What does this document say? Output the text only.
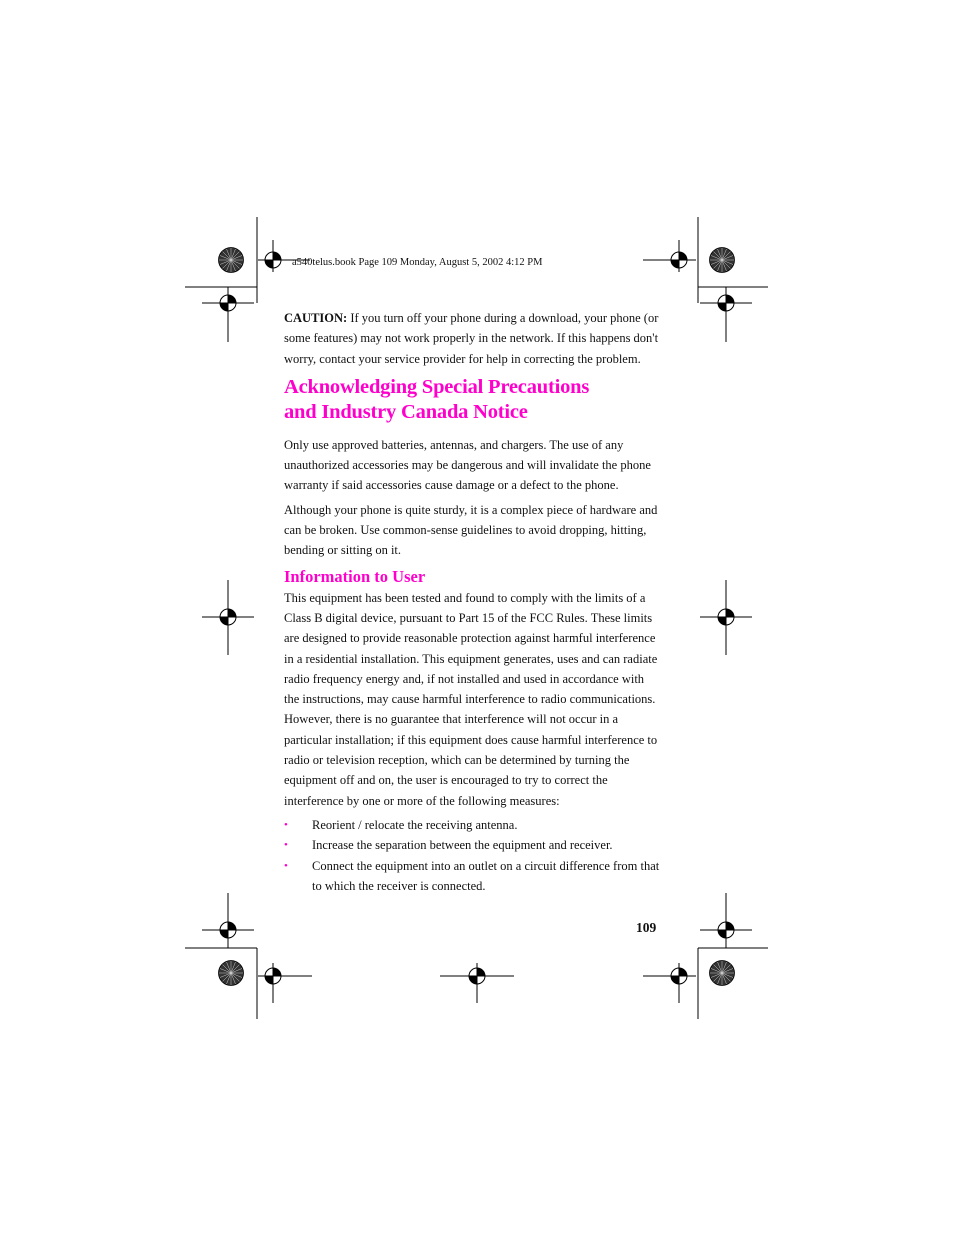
a540telus.book Page 109 Monday, August 5, 2002 4:12 PM

CAUTION: If you turn off your phone during a download, your phone (or some features) may not work properly in the network. If this happens don't worry, contact your service provider for help in correcting the problem.

Acknowledging Special Precautions
and Industry Canada Notice

Only use approved batteries, antennas, and chargers. The use of any unauthorized accessories may be dangerous and will invalidate the phone warranty if said accessories cause damage or a defect to the phone.

Although your phone is quite sturdy, it is a complex piece of hardware and can be broken. Use common-sense guidelines to avoid dropping, hitting, bending or sitting on it.

Information to User

This equipment has been tested and found to comply with the limits of a Class B digital device, pursuant to Part 15 of the FCC Rules. These limits are designed to provide reasonable protection against harmful interference in a residential installation. This equipment generates, uses and can radiate radio frequency energy and, if not installed and used in accordance with the instructions, may cause harmful interference to radio communications. However, there is no guarantee that interference will not occur in a particular installation; if this equipment does cause harmful interference to radio or television reception, which can be determined by turning the equipment off and on, the user is encouraged to try to correct the interference by one or more of the following measures:

• Reorient / relocate the receiving antenna.
• Increase the separation between the equipment and receiver.
• Connect the equipment into an outlet on a circuit difference from that to which the receiver is connected.
109
